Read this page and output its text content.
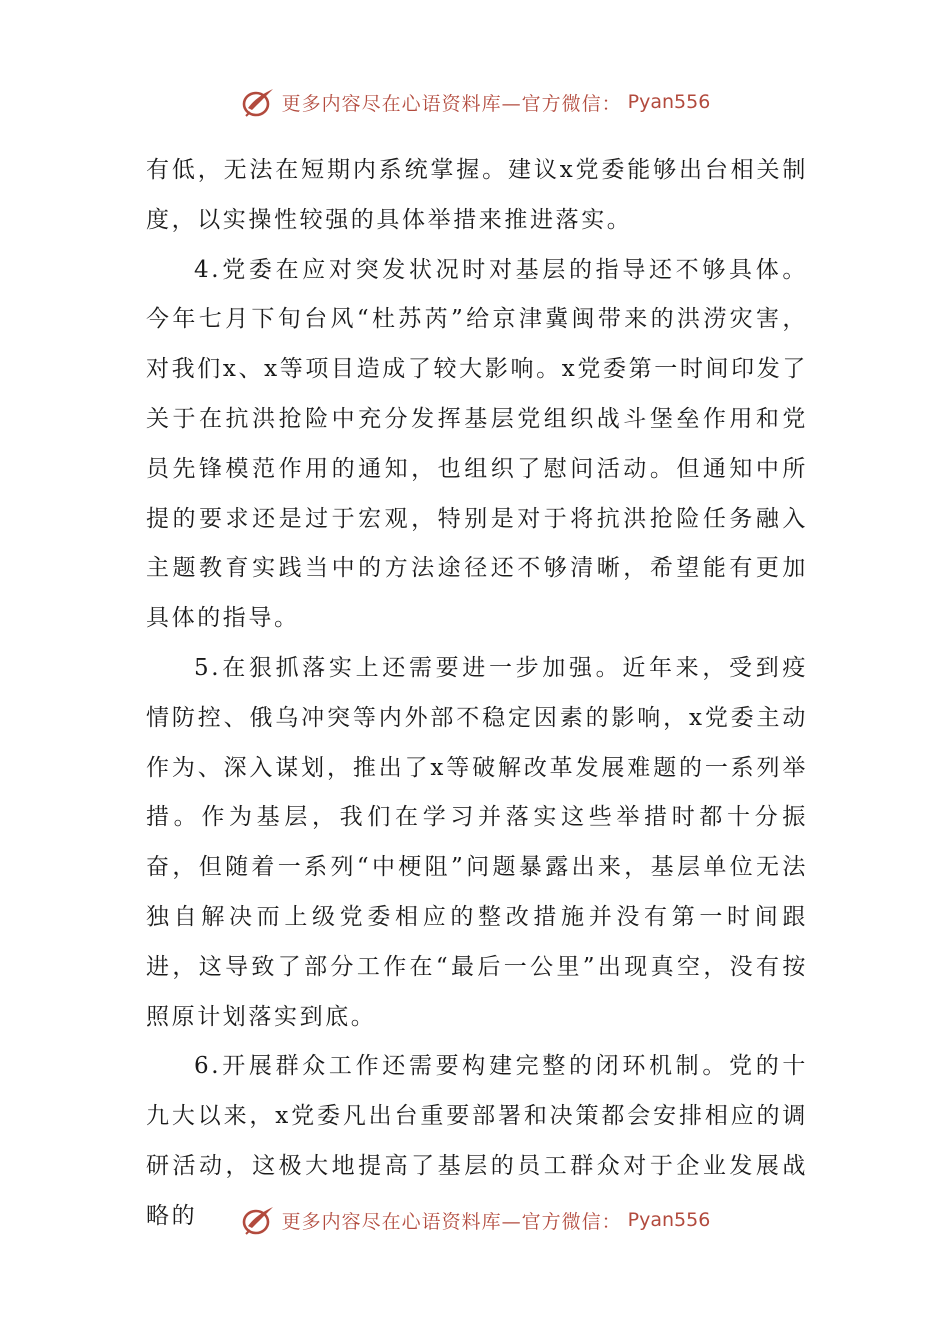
更多内容尽在心语资料库—官方微信： Pyan556

有低，无法在短期内系统掌握。建议x党委能够出台相关制度，以实操性较强的具体举措来推进落实。

4.党委在应对突发状况时对基层的指导还不够具体。今年七月下旬台风“杜苏芮”给京津冀闽带来的洪涝灾害，对我们x、x等项目造成了较大影响。x党委第一时间印发了关于在抗洪抢险中充分发挥基层党组织战斗堡垒作用和党员先锋模范作用的通知，也组织了慰问活动。但通知中所提的要求还是过于宏观，特别是对于将抗洪抢险任务融入主题教育实践当中的方法途径还不够清晰，希望能有更加具体的指导。

5.在狠抓落实上还需要进一步加强。近年来，受到疫情防控、俄乌冲突等内外部不稳定因素的影响，x党委主动作为、深入谋划，推出了x等破解改革发展难题的一系列举措。作为基层，我们在学习并落实这些举措时都十分振奋，但随着一系列“中梗阻”问题暴露出来，基层单位无法独自解决而上级党委相应的整改措施并没有第一时间跟进，这导致了部分工作在“最后一公里”出现真空，没有按照原计划落实到底。

6.开展群众工作还需要构建完整的闭环机制。党的十九大以来，x党委凡出台重要部署和决策都会安排相应的调研活动，这极大地提高了基层的员工群众对于企业发展战略的	更多内容尽在心语资料库—官方微信： Pyan556
